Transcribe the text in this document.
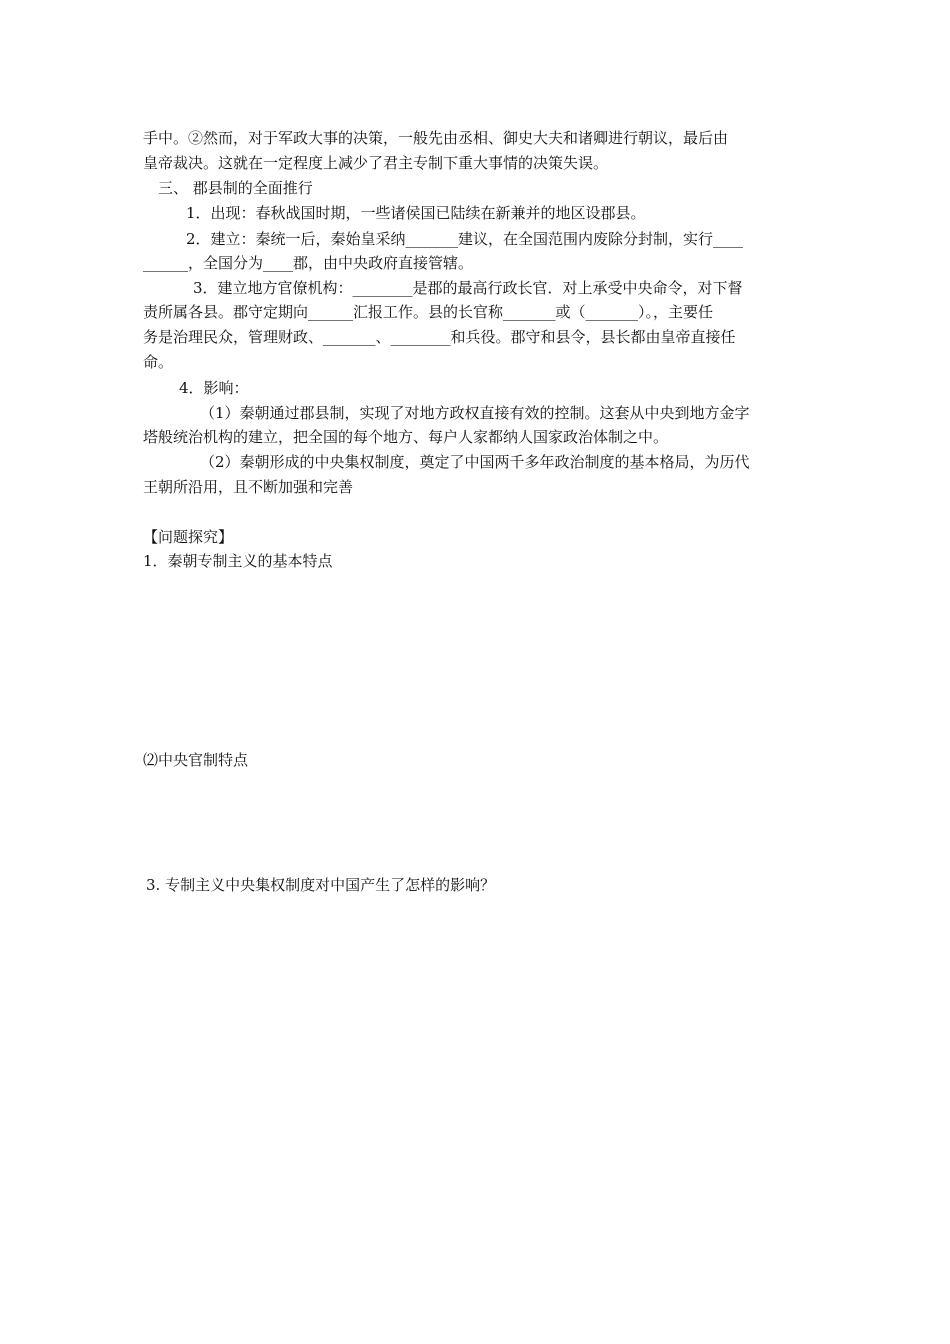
手中。②然而，对于军政大事的决策，一般先由丞相、御史大夫和诸卿进行朝议，最后由
皇帝裁决。这就在一定程度上减少了君主专制下重大事情的决策失误。
三、 郡县制的全面推行
1．出现：春秋战国时期，一些诸侯国已陆续在新兼并的地区设郡县。
2．建立：秦统一后，秦始皇采纳_______建议，在全国范围内废除分封制，实行____
______，全国分为____郡，由中央政府直接管辖。
3．建立地方官僚机构：________是郡的最高行政长官．对上承受中央命令，对下督
责所属各县。郡守定期向______汇报工作。县的长官称_______或（_______）。，主要任
务是治理民众，管理财政、_______、________和兵役。郡守和县令，县长都由皇帝直接任
命。
4．影响：
（1）秦朝通过郡县制，实现了对地方政权直接有效的控制。这套从中央到地方金字
塔般统治机构的建立，把全国的每个地方、每户人家都纳人国家政治体制之中。
（2）秦朝形成的中央集权制度，奠定了中国两千多年政治制度的基本格局，为历代
王朝所沿用，且不断加强和完善
【问题探究】
1．秦朝专制主义的基本特点
⑵中央官制特点
3. 专制主义中央集权制度对中国产生了怎样的影响？
